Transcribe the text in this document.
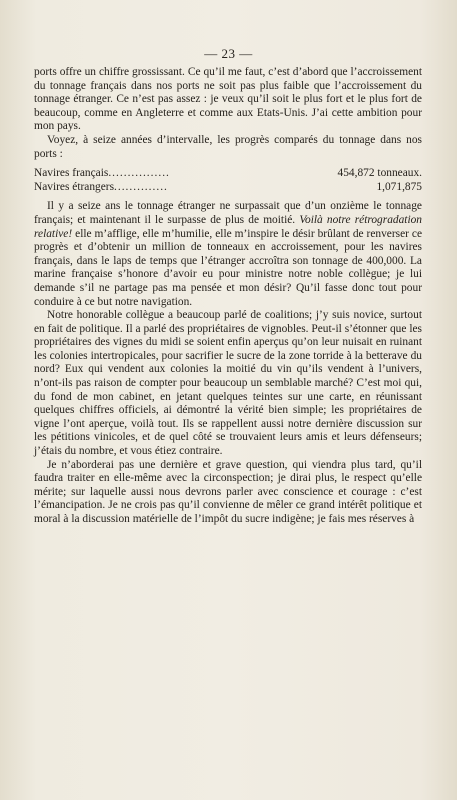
— 23 —

ports offre un chiffre grossissant. Ce qu’il me faut, c’est d’abord que l’accroissement du tonnage français dans nos ports ne soit pas plus faible que l’accroissement du tonnage étranger. Ce n’est pas assez : je veux qu’il soit le plus fort et le plus fort de beaucoup, comme en Angleterre et comme aux Etats-Unis. J’ai cette ambition pour mon pays.

Voyez, à seize années d’intervalle, les progrès comparés du tonnage dans nos ports :

Navires français ................	454,872 tonneaux.
Navires étrangers ..............	1,071,875

Il y a seize ans le tonnage étranger ne surpassait que d’un onzième le tonnage français; et maintenant il le surpasse de plus de moitié. Voilà notre rétrogradation relative! elle m’afflige, elle m’humilie, elle m’inspire le désir brûlant de renverser ce progrès et d’obtenir un million de tonneaux en accroissement, pour les navires français, dans le laps de temps que l’étranger accroîtra son tonnage de 400,000. La marine française s’honore d’avoir eu pour ministre notre noble collègue; je lui demande s’il ne partage pas ma pensée et mon désir? Qu’il fasse donc tout pour conduire à ce but notre navigation.

Notre honorable collègue a beaucoup parlé de coalitions; j’y suis novice, surtout en fait de politique. Il a parlé des propriétaires de vignobles. Peut-il s’étonner que les propriétaires des vignes du midi se soient enfin aperçus qu’on leur nuisait en ruinant les colonies intertropicales, pour sacrifier le sucre de la zone torride à la betterave du nord? Eux qui vendent aux colonies la moitié du vin qu’ils vendent à l’univers, n’ont-ils pas raison de compter pour beaucoup un semblable marché? C’est moi qui, du fond de mon cabinet, en jetant quelques teintes sur une carte, en réunissant quelques chiffres officiels, ai démontré la vérité bien simple; les propriétaires de vigne l’ont aperçue, voilà tout. Ils se rappellent aussi notre dernière discussion sur les pétitions vinicoles, et de quel côté se trouvaient leurs amis et leurs défenseurs; j’étais du nombre, et vous étiez contraire.

Je n’aborderai pas une dernière et grave question, qui viendra plus tard, qu’il faudra traiter en elle-même avec la circonspection; je dirai plus, le respect qu’elle mérite; sur laquelle aussi nous devrons parler avec conscience et courage : c’est l’émancipation. Je ne crois pas qu’il convienne de mêler ce grand intérêt politique et moral à la discussion matérielle de l’impôt du sucre indigène; je fais mes réserves à
